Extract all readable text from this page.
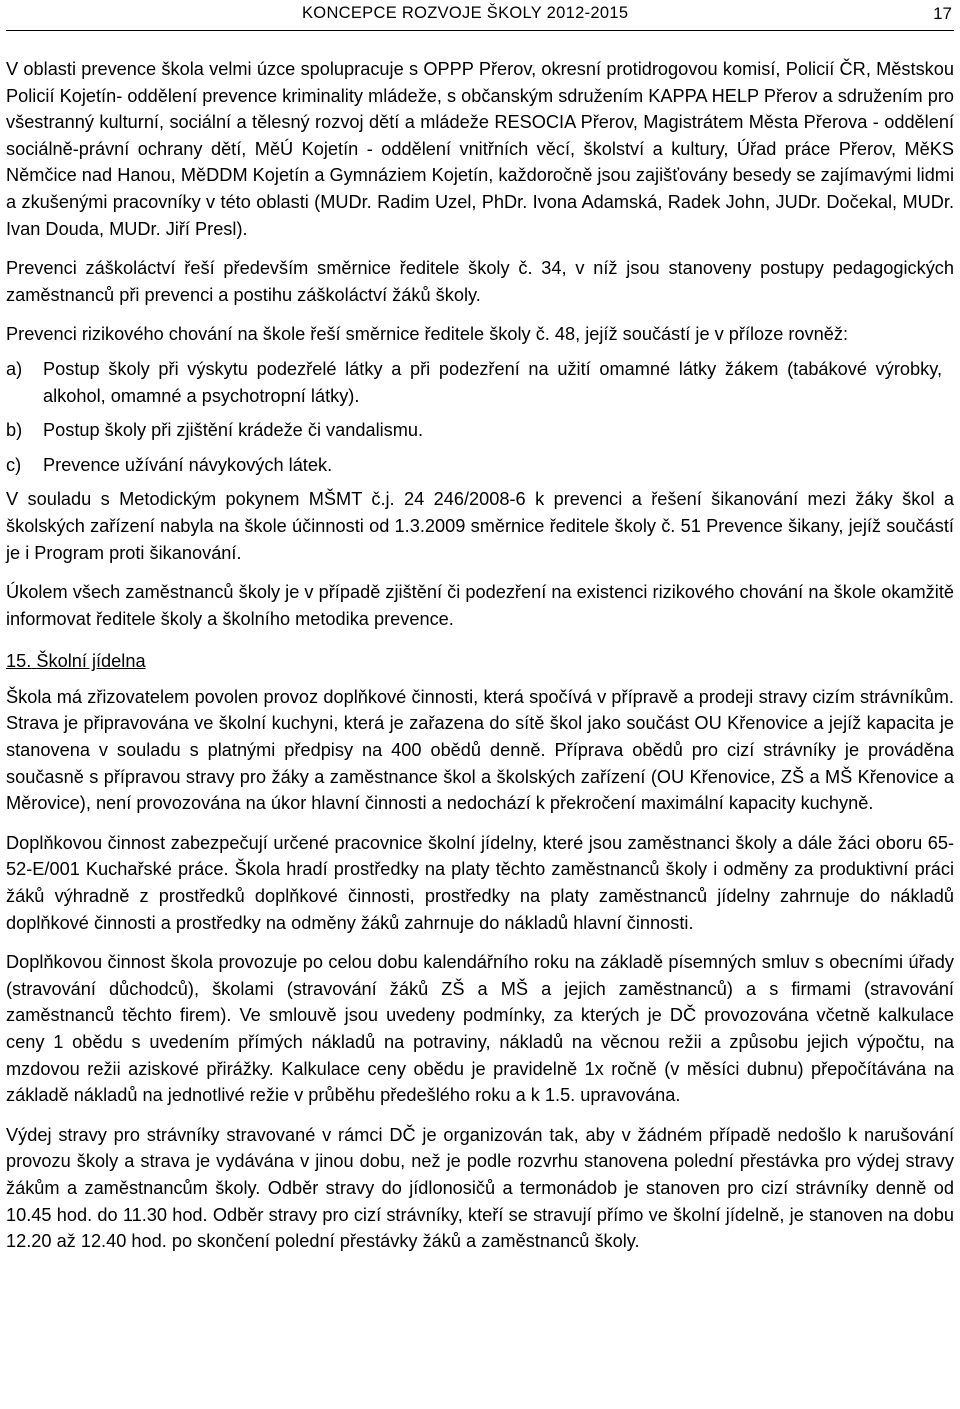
KONCEPCE ROZVOJE ŠKOLY 2012-2015	17

V oblasti prevence škola velmi úzce spolupracuje s OPPP Přerov, okresní protidrogovou komisí, Policií ČR, Městskou Policií Kojetín- oddělení prevence kriminality mládeže, s občanským sdružením KAPPA HELP Přerov a sdružením pro všestranný kulturní, sociální a tělesný rozvoj dětí a mládeže RESOCIA Přerov, Magistrátem Města Přerova - oddělení sociálně-právní ochrany dětí, MěÚ Kojetín - oddělení vnitřních věcí, školství a kultury, Úřad práce Přerov, MěKS Němčice nad Hanou, MěDDM Kojetín a Gymnáziem Kojetín, každoročně jsou zajišťovány besedy se zajímavými lidmi a zkušenými pracovníky v této oblasti (MUDr. Radim Uzel, PhDr. Ivona Adamská, Radek John, JUDr. Dočekal, MUDr. Ivan Douda, MUDr. Jiří Presl).

Prevenci záškoláctví řeší především směrnice ředitele školy č. 34, v níž jsou stanoveny postupy pedagogických zaměstnanců při prevenci a postihu záškoláctví žáků školy.

Prevenci rizikového chování na škole řeší směrnice ředitele školy č. 48, jejíž součástí je v příloze rovněž:

a)	Postup školy při výskytu podezřelé látky a při podezření na užití omamné látky žákem (tabákové výrobky, alkohol, omamné a psychotropní látky).
b)	Postup školy při zjištění krádeže či vandalismu.
c)	Prevence užívání návykových látek.

V souladu s Metodickým pokynem MŠMT č.j. 24 246/2008-6 k prevenci a řešení šikanování mezi žáky škol a školských zařízení nabyla na škole účinnosti od 1.3.2009 směrnice ředitele školy č. 51 Prevence šikany, jejíž součástí je i Program proti šikanování.

Úkolem všech zaměstnanců školy je v případě zjištění či podezření na existenci rizikového chování na škole okamžitě informovat ředitele školy a školního metodika prevence.

15. Školní jídelna

Škola má zřizovatelem povolen provoz doplňkové činnosti, která spočívá v přípravě a prodeji stravy cizím strávníkům. Strava je připravována ve školní kuchyni, která je zařazena do sítě škol jako součást OU Křenovice a jejíž kapacita je stanovena v souladu s platnými předpisy na 400 obědů denně. Příprava obědů pro cizí strávníky je prováděna současně s přípravou stravy pro žáky a zaměstnance škol a školských zařízení (OU Křenovice, ZŠ a MŠ Křenovice a Měrovice), není provozována na úkor hlavní činnosti a nedochází k překročení maximální kapacity kuchyně.

Doplňkovou činnost zabezpečují určené pracovnice školní jídelny, které jsou zaměstnanci školy a dále žáci oboru 65-52-E/001 Kuchařské práce. Škola hradí prostředky na platy těchto zaměstnanců školy i odměny za produktivní práci žáků výhradně z prostředků doplňkové činnosti, prostředky na platy zaměstnanců jídelny zahrnuje do nákladů doplňkové činnosti a prostředky na odměny žáků zahrnuje do nákladů hlavní činnosti.

Doplňkovou činnost škola provozuje po celou dobu kalendářního roku na základě písemných smluv s obecními úřady (stravování důchodců), školami (stravování žáků ZŠ a MŠ a jejich zaměstnanců) a s firmami (stravování zaměstnanců těchto firem). Ve smlouvě jsou uvedeny podmínky, za kterých je DČ provozována včetně kalkulace ceny 1 obědu s uvedením přímých nákladů na potraviny, nákladů na věcnou režii a způsobu jejich výpočtu, na mzdovou režii aziskové přirážky. Kalkulace ceny obědu je pravidelně 1x ročně (v měsíci dubnu) přepočítávána na základě nákladů na jednotlivé režie v průběhu předešlého roku a k 1.5. upravována.

Výdej stravy pro strávníky stravované v rámci DČ je organizován tak, aby v žádném případě nedošlo k narušování provozu školy a strava je vydávána v jinou dobu, než je podle rozvrhu stanovena polední přestávka pro výdej stravy žákům a zaměstnancům školy. Odběr stravy do jídlonosičů a termonádob je stanoven pro cizí strávníky denně od 10.45 hod. do 11.30 hod. Odběr stravy pro cizí strávníky, kteří se stravují přímo ve školní jídelně, je stanoven na dobu 12.20 až 12.40 hod. po skončení polední přestávky žáků a zaměstnanců školy.
